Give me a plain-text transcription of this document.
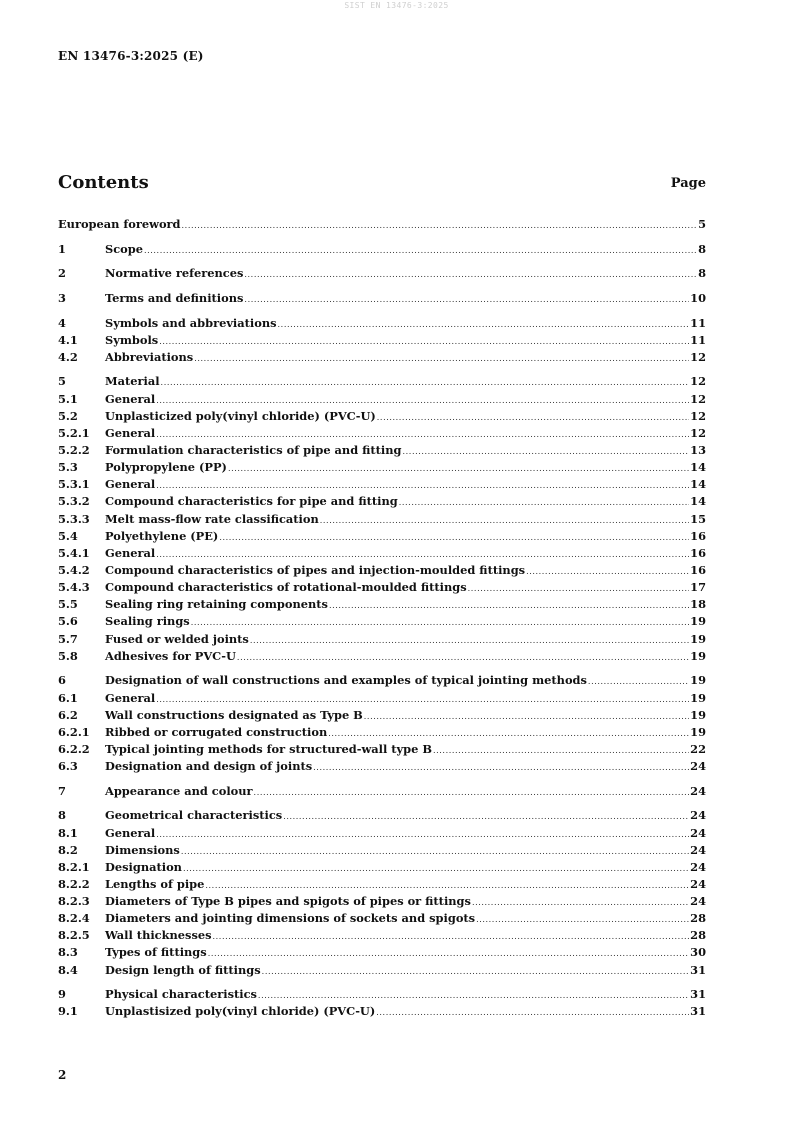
SIST EN 13476-3:2025
EN 13476-3:2025 (E)
Contents	Page
European foreword .....	5
1	Scope .....	8
2	Normative references .....	8
3	Terms and definitions .....	10
4	Symbols and abbreviations .....	11
4.1	Symbols .....	11
4.2	Abbreviations .....	12
5	Material .....	12
5.1	General .....	12
5.2	Unplasticized poly(vinyl chloride) (PVC-U) .....	12
5.2.1	General .....	12
5.2.2	Formulation characteristics of pipe and fitting .....	13
5.3	Polypropylene (PP) .....	14
5.3.1	General .....	14
5.3.2	Compound characteristics for pipe and fitting .....	14
5.3.3	Melt mass-flow rate classification .....	15
5.4	Polyethylene (PE) .....	16
5.4.1	General .....	16
5.4.2	Compound characteristics of pipes and injection-moulded fittings .....	16
5.4.3	Compound characteristics of rotational-moulded fittings .....	17
5.5	Sealing ring retaining components .....	18
5.6	Sealing rings .....	19
5.7	Fused or welded joints .....	19
5.8	Adhesives for PVC-U .....	19
6	Designation of wall constructions and examples of typical jointing methods .....	19
6.1	General .....	19
6.2	Wall constructions designated as Type B .....	19
6.2.1	Ribbed or corrugated construction .....	19
6.2.2	Typical jointing methods for structured-wall type B .....	22
6.3	Designation and design of joints .....	24
7	Appearance and colour .....	24
8	Geometrical characteristics .....	24
8.1	General .....	24
8.2	Dimensions .....	24
8.2.1	Designation .....	24
8.2.2	Lengths of pipe .....	24
8.2.3	Diameters of Type B pipes and spigots of pipes or fittings .....	24
8.2.4	Diameters and jointing dimensions of sockets and spigots .....	28
8.2.5	Wall thicknesses .....	28
8.3	Types of fittings .....	30
8.4	Design length of fittings .....	31
9	Physical characteristics .....	31
9.1	Unplastisized poly(vinyl chloride) (PVC-U) .....	31
2
